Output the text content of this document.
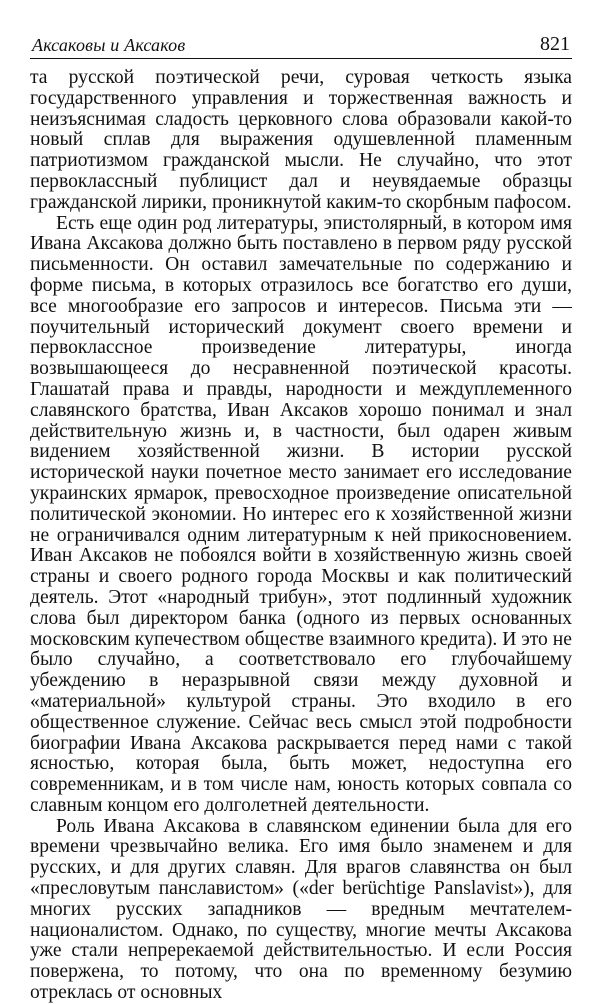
Аксаковы и Аксаков	821

та русской поэтической речи, суровая четкость языка государственного управления и торжественная важность и неизъяснимая сладость церковного слова образовали какой-то новый сплав для выражения одушевленной пламенным патриотизмом гражданской мысли. Не случайно, что этот первоклассный публицист дал и неувядаемые образцы гражданской лирики, проникнутой каким-то скорбным пафосом.

Есть еще один род литературы, эпистолярный, в котором имя Ивана Аксакова должно быть поставлено в первом ряду русской письменности. Он оставил замечательные по содержанию и форме письма, в которых отразилось все богатство его души, все многообразие его запросов и интересов. Письма эти — поучительный исторический документ своего времени и первоклассное произведение литературы, иногда возвышающееся до несравненной поэтической красоты. Глашатай права и правды, народности и междуплеменного славянского братства, Иван Аксаков хорошо понимал и знал действительную жизнь и, в частности, был одарен живым видением хозяйственной жизни. В истории русской исторической науки почетное место занимает его исследование украинских ярмарок, превосходное произведение описательной политической экономии. Но интерес его к хозяйственной жизни не ограничивался одним литературным к ней прикосновением. Иван Аксаков не побоялся войти в хозяйственную жизнь своей страны и своего родного города Москвы и как политический деятель. Этот «народный трибун», этот подлинный художник слова был директором банка (одного из первых основанных московским купечеством обществе взаимного кредита). И это не было случайно, а соответствовало его глубочайшему убеждению в неразрывной связи между духовной и «материальной» культурой страны. Это входило в его общественное служение. Сейчас весь смысл этой подробности биографии Ивана Аксакова раскрывается перед нами с такой ясностью, которая была, быть может, недоступна его современникам, и в том числе нам, юность которых совпала со славным концом его долголетней деятельности.

Роль Ивана Аксакова в славянском единении была для его времени чрезвычайно велика. Его имя было знаменем и для русских, и для других славян. Для врагов славянства он был «пресловутым панславистом» («der berüchtige Panslavist»), для многих русских западников — вредным мечтателем-националистом. Однако, по существу, многие мечты Аксакова уже стали непререкаемой действительностью. И если Россия повержена, то потому, что она по временному безумию отреклась от основных
